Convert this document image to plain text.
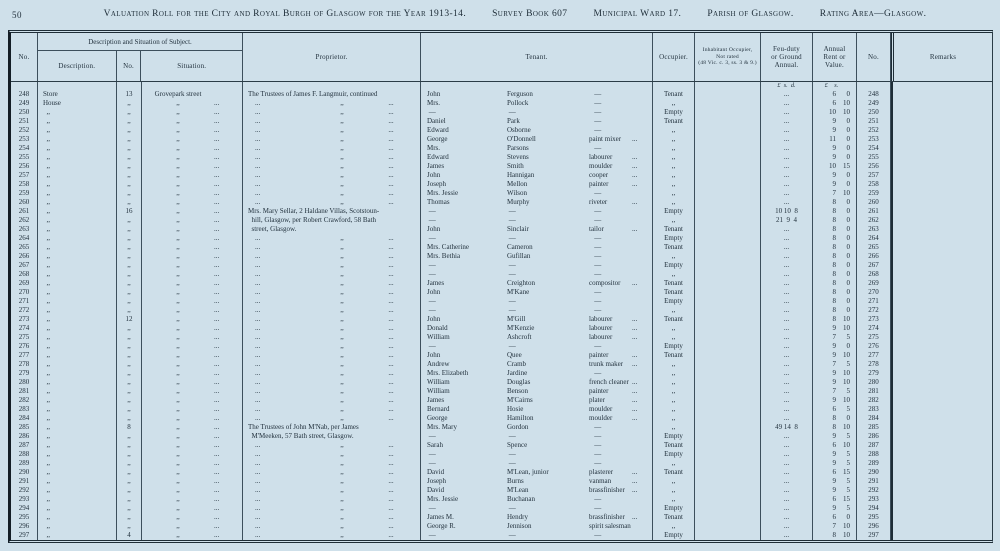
50	Valuation Roll for the City and Royal Burgh of Glasgow for the Year 1913-14.	Survey Book 607	Municipal Ward 17.	Parish of Glasgow.	Rating Area—Glasgow.
No.
Description and Situation of Subject.
Description.	No.	Situation.
Proprietor.	Tenant.	Occupier.
Inhabitant Occupier,
Not rated
(48 Vic. c. 3, ss. 3 & 9.)
Feu-duty
or Ground
Annual.
Annual
Rent or
Value.
No.	Remarks
£  s.  d.	£    s.
248	Store	13	Grovepark street	The Trustees of James F. Langmuir, continued	John	Ferguson	—	Tenant	...	6	0	248
249	House	,,	,,	...	...	,,	...	Mrs.	Pollock	—	,,	...	6	10	249
250	,,	,,	,,	...	...	,,	...	—	—	—	Empty	...	10	10	250
251	,,	,,	,,	...	...	,,	...	Daniel	Park	—	Tenant	...	9	0	251
252	,,	,,	,,	...	...	,,	...	Edward	Osborne	—	,,	...	9	0	252
253	,,	,,	,,	...	...	,,	...	George	O'Donnell	paint mixer	...	,,	...	11	0	253
254	,,	,,	,,	...	...	,,	...	Mrs.	Parsons	—	,,	...	9	0	254
255	,,	,,	,,	...	...	,,	...	Edward	Stevens	labourer	...	,,	...	9	0	255
256	,,	,,	,,	...	...	,,	...	James	Smith	moulder	...	,,	...	10	15	256
257	,,	,,	,,	...	...	,,	...	John	Hannigan	cooper	...	,,	...	9	0	257
258	,,	,,	,,	...	...	,,	...	Joseph	Mellon	painter	...	,,	...	9	0	258
259	,,	,,	,,	...	...	,,	...	Mrs. Jessie	Wilson	—	,,	...	7	10	259
260	,,	,,	,,	...	...	,,	...	Thomas	Murphy	riveter	...	,,	...	8	0	260
261	,,	16	,,	...	Mrs. Mary Sellar, 2 Haldane Villas, Scotstoun-	—	—	—	Empty	10 10  8	8	0	261
262	,,	,,	,,	...	hill, Glasgow, per Robert Crawford, 58 Bath	—	—	—	,,	21  9  4	8	0	262
263	,,	,,	,,	...	street, Glasgow.	John	Sinclair	tailor	...	Tenant	...	8	0	263
264	,,	,,	,,	...	...	,,	...	—	—	—	Empty	...	8	0	264
265	,,	,,	,,	...	...	,,	...	Mrs. Catherine	Cameron	—	Tenant	...	8	0	265
266	,,	,,	,,	...	...	,,	...	Mrs. Bethia	Gufillan	—	,,	...	8	0	266
267	,,	,,	,,	...	...	,,	...	—	—	—	Empty	...	8	0	267
268	,,	,,	,,	...	...	,,	...	—	—	—	,,	...	8	0	268
269	,,	,,	,,	...	...	,,	...	James	Creighton	compositor	...	Tenant	...	8	0	269
270	,,	,,	,,	...	...	,,	...	John	M'Kane	—	Tenant	...	8	0	270
271	,,	,,	,,	...	...	,,	...	—	—	—	Empty	...	8	0	271
272	,,	,,	,,	...	...	,,	...	—	—	—	,,	...	8	0	272
273	,,	12	,,	...	...	,,	...	John	M'Gill	labourer	...	Tenant	...	8	10	273
274	,,	,,	,,	...	...	,,	...	Donald	M'Kenzie	labourer	...	,,	...	9	10	274
275	,,	,,	,,	...	...	,,	...	William	Ashcroft	labourer	...	,,	...	7	5	275
276	,,	,,	,,	...	...	,,	...	—	—	—	Empty	...	9	0	276
277	,,	,,	,,	...	...	,,	...	John	Quee	painter	...	Tenant	...	9	10	277
278	,,	,,	,,	...	...	,,	...	Andrew	Cramb	trunk maker	...	,,	...	7	5	278
279	,,	,,	,,	...	...	,,	...	Mrs. Elizabeth	Jardine	—	,,	...	9	10	279
280	,,	,,	,,	...	...	,,	...	William	Douglas	french cleaner ...	,,	...	9	10	280
281	,,	,,	,,	...	...	,,	...	William	Benson	painter	...	,,	...	7	5	281
282	,,	,,	,,	...	...	,,	...	James	M'Cairns	plater	...	,,	...	9	10	282
283	,,	,,	,,	...	...	,,	...	Bernard	Hosie	moulder	...	,,	...	6	5	283
284	,,	,,	,,	...	...	,,	...	George	Hamilton	moulder	...	,,	...	8	0	284
285	,,	8	,,	...	The Trustees of John M'Nab, per James	Mrs. Mary	Gordon	—	,,	49 14  8	8	10	285
286	,,	,,	,,	...	M'Meeken, 57 Bath street, Glasgow.	—	—	—	Empty	...	9	5	286
287	,,	,,	,,	...	...	,,	...	Sarah	Spence	—	Tenant	...	6	10	287
288	,,	,,	,,	...	...	,,	...	—	—	—	Empty	...	9	5	288
289	,,	,,	,,	...	...	,,	...	—	—	—	,,	...	9	5	289
290	,,	,,	,,	...	...	,,	...	David	M'Lean, junior	plasterer	...	Tenant	...	6	15	290
291	,,	,,	,,	...	...	,,	...	Joseph	Burns	vanman	...	,,	...	9	5	291
292	,,	,,	,,	...	...	,,	...	David	M'Lean	brassfinisher	...	,,	...	9	5	292
293	,,	,,	,,	...	...	,,	...	Mrs. Jessie	Buchanan	—	,,	...	6	15	293
294	,,	,,	,,	...	...	,,	...	—	—	—	Empty	...	9	5	294
295	,,	,,	,,	...	...	,,	...	James M.	Hendry	brassfinisher	...	Tenant	...	6	0	295
296	,,	,,	,,	...	...	,,	...	George R.	Jennison	spirit salesman	,,	...	7	10	296
297	,,	4	,,	...	...	,,	...	—	—	—	Empty	...	8	10	297
